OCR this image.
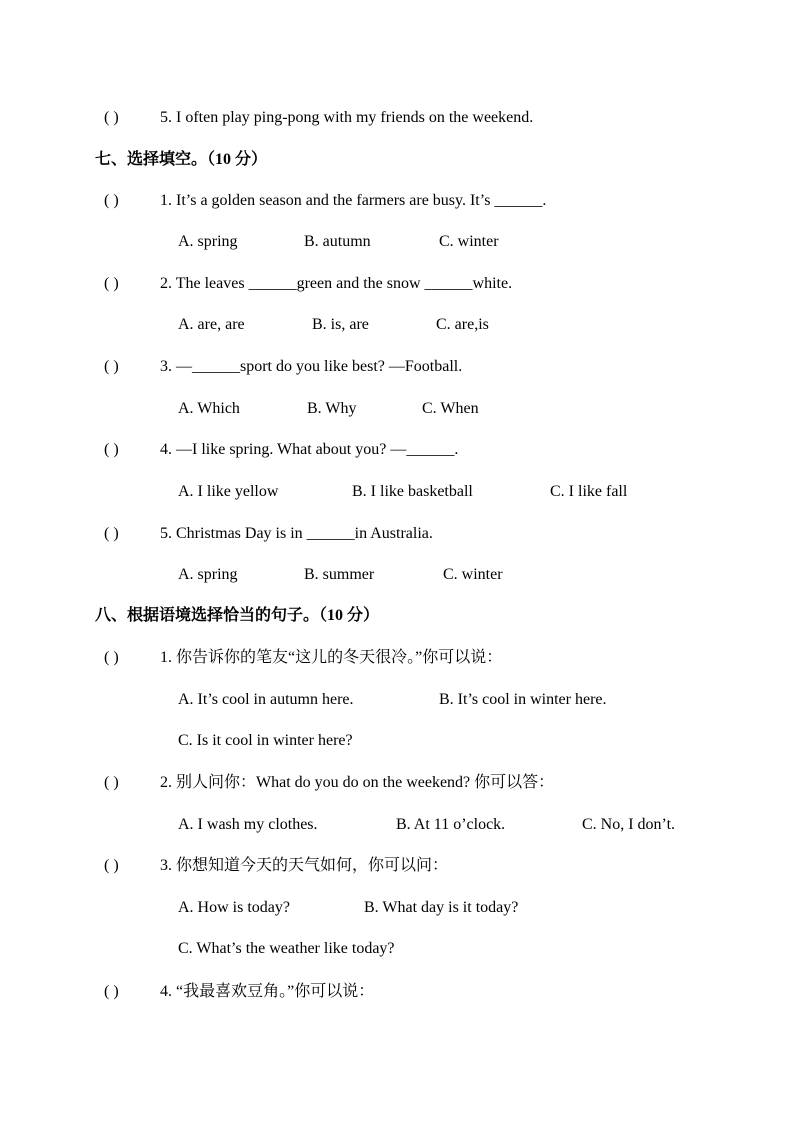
( )	5. I often play ping-pong with my friends on the weekend.
七、选择填空。（10 分）
( )	1. It’s a golden season and the farmers are busy. It’s ______.
A. spring	B. autumn	C. winter
( )	2. The leaves ______green and the snow ______white.
A. are, are	B. is, are	C. are,is
( )	3. —______sport do you like best? —Football.
A. Which	B. Why	C. When
( )	4. —I like spring. What about you? —______.
A. I like yellow	B. I like basketball	C. I like fall
( )	5. Christmas Day is in ______in Australia.
A. spring	B. summer	C. winter
八、根据语境选择恰当的句子。（10 分）
( )	1. 你告诉你的笔友“这儿的冬天很冷。”你可以说：
A. It’s cool in autumn here.	B. It’s cool in winter here.
C. Is it cool in winter here?
( )	2. 别人问你：What do you do on the weekend? 你可以答：
A. I wash my clothes.	B. At 11 o’clock.	C. No, I don’t.
( )	3. 你想知道今天的天气如何，你可以问：
A. How is today?	B. What day is it today?
C. What’s the weather like today?
( )	4. “我最喜欢豆角。”你可以说：
